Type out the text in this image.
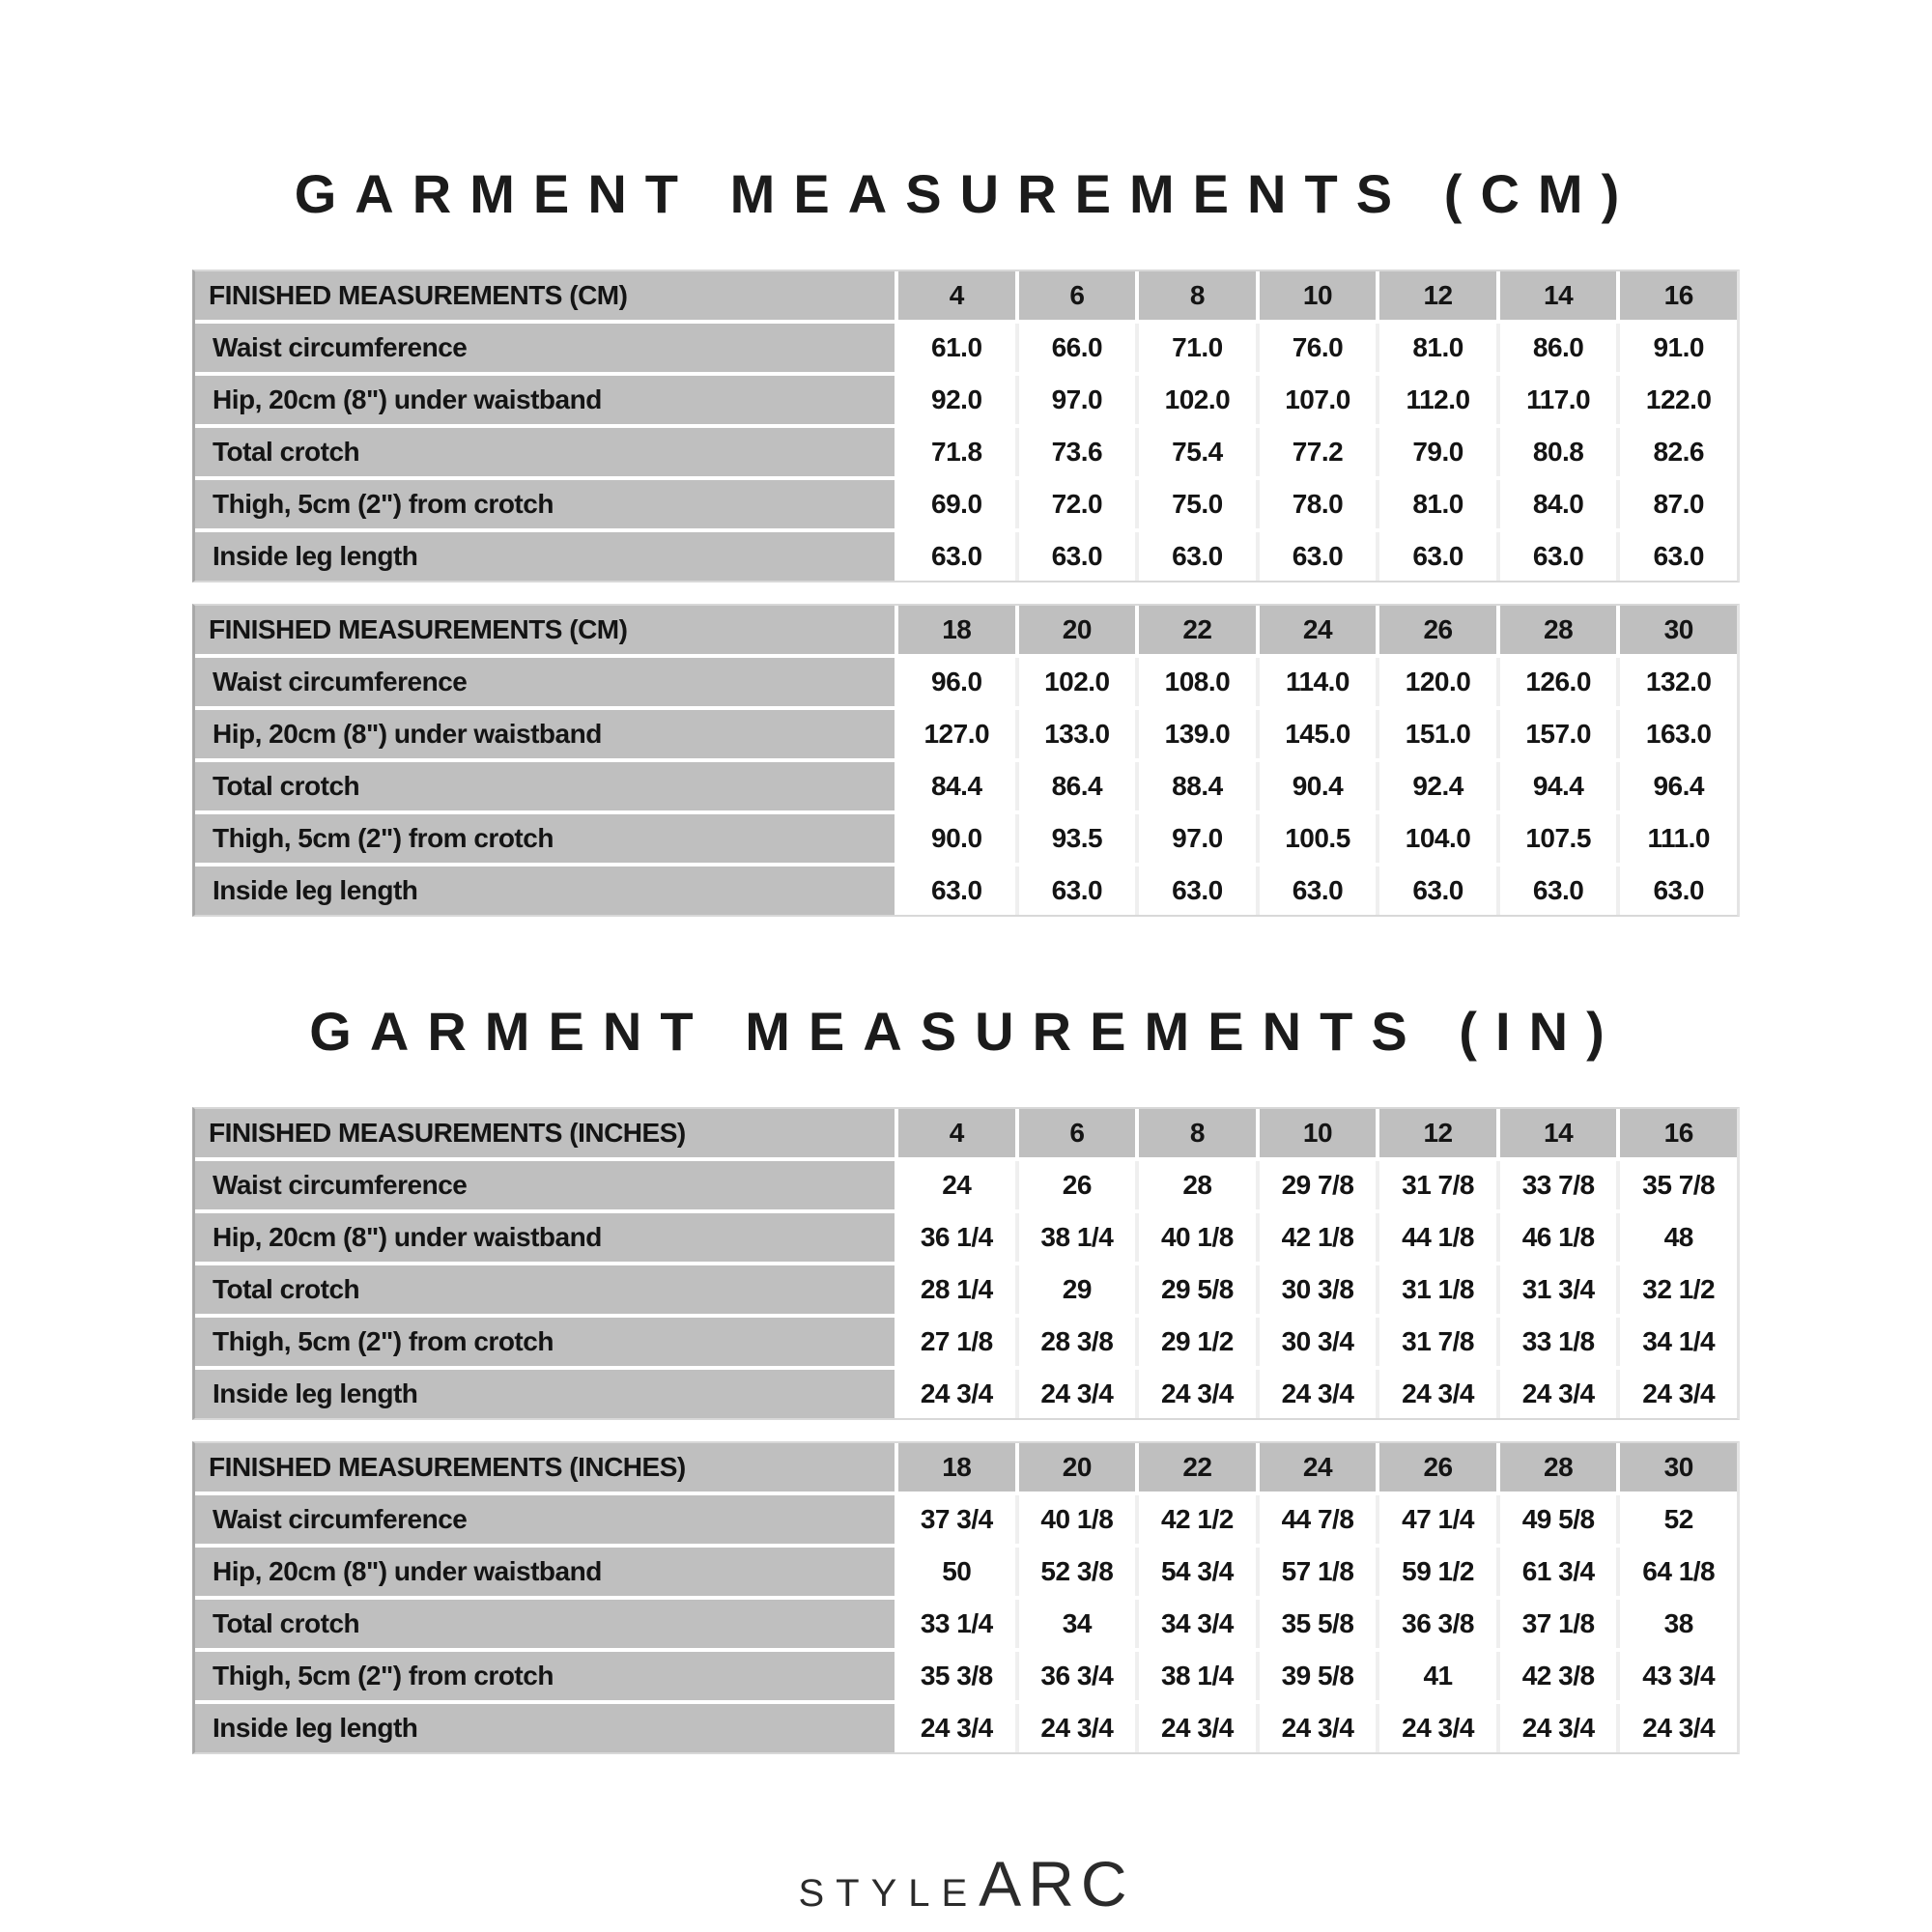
GARMENT MEASUREMENTS (CM)
FINISHED MEASUREMENTS (CM)	4	6	8	10	12	14	16
Waist circumference	61.0	66.0	71.0	76.0	81.0	86.0	91.0
Hip, 20cm (8") under waistband	92.0	97.0	102.0	107.0	112.0	117.0	122.0
Total crotch	71.8	73.6	75.4	77.2	79.0	80.8	82.6
Thigh, 5cm (2") from crotch	69.0	72.0	75.0	78.0	81.0	84.0	87.0
Inside leg length	63.0	63.0	63.0	63.0	63.0	63.0	63.0
FINISHED MEASUREMENTS (CM)	18	20	22	24	26	28	30
Waist circumference	96.0	102.0	108.0	114.0	120.0	126.0	132.0
Hip, 20cm (8") under waistband	127.0	133.0	139.0	145.0	151.0	157.0	163.0
Total crotch	84.4	86.4	88.4	90.4	92.4	94.4	96.4
Thigh, 5cm (2") from crotch	90.0	93.5	97.0	100.5	104.0	107.5	111.0
Inside leg length	63.0	63.0	63.0	63.0	63.0	63.0	63.0
GARMENT MEASUREMENTS (IN)
FINISHED MEASUREMENTS (INCHES)	4	6	8	10	12	14	16
Waist circumference	24	26	28	29 7/8	31 7/8	33 7/8	35 7/8
Hip, 20cm (8") under waistband	36 1/4	38 1/4	40 1/8	42 1/8	44 1/8	46 1/8	48
Total crotch	28 1/4	29	29 5/8	30 3/8	31 1/8	31 3/4	32 1/2
Thigh, 5cm (2") from crotch	27 1/8	28 3/8	29 1/2	30 3/4	31 7/8	33 1/8	34 1/4
Inside leg length	24 3/4	24 3/4	24 3/4	24 3/4	24 3/4	24 3/4	24 3/4
FINISHED MEASUREMENTS (INCHES)	18	20	22	24	26	28	30
Waist circumference	37 3/4	40 1/8	42 1/2	44 7/8	47 1/4	49 5/8	52
Hip, 20cm (8") under waistband	50	52 3/8	54 3/4	57 1/8	59 1/2	61 3/4	64 1/8
Total crotch	33 1/4	34	34 3/4	35 5/8	36 3/8	37 1/8	38
Thigh, 5cm (2") from crotch	35 3/8	36 3/4	38 1/4	39 5/8	41	42 3/8	43 3/4
Inside leg length	24 3/4	24 3/4	24 3/4	24 3/4	24 3/4	24 3/4	24 3/4
STYLE ARC
